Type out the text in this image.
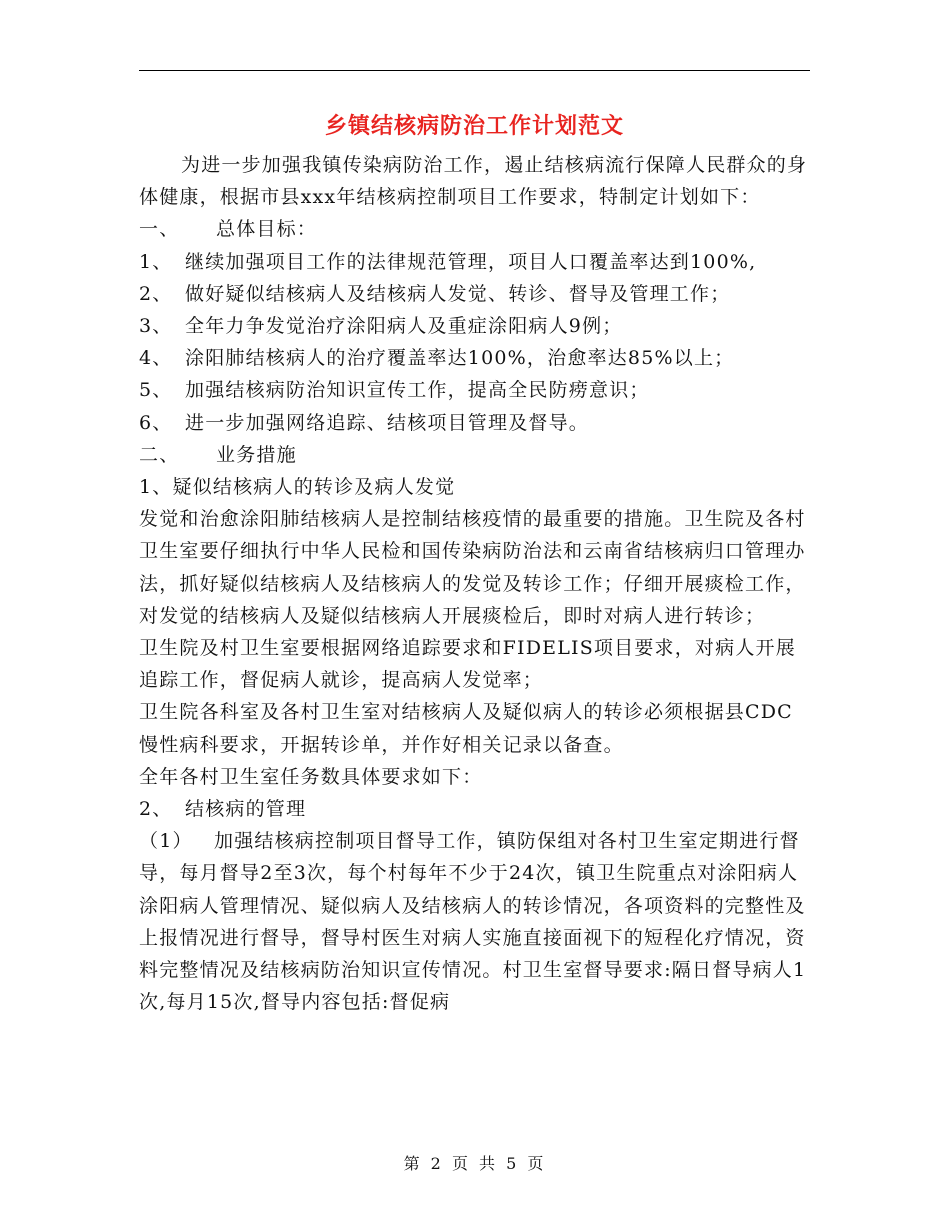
乡镇结核病防治工作计划范文

为进一步加强我镇传染病防治工作，遏止结核病流行保障人民群众的身体健康，根据市县xxx年结核病控制项目工作要求，特制定计划如下：

一、 总体目标：

1、 继续加强项目工作的法律规范管理，项目人口覆盖率达到100%,

2、 做好疑似结核病人及结核病人发觉、转诊、督导及管理工作；

3、 全年力争发觉治疗涂阳病人及重症涂阳病人9例；

4、 涂阳肺结核病人的治疗覆盖率达100%，治愈率达85%以上；

5、 加强结核病防治知识宣传工作，提高全民防痨意识；

6、 进一步加强网络追踪、结核项目管理及督导。

二、 业务措施

1、疑似结核病人的转诊及病人发觉

发觉和治愈涂阳肺结核病人是控制结核疫情的最重要的措施。卫生院及各村卫生室要仔细执行中华人民检和国传染病防治法和云南省结核病归口管理办法，抓好疑似结核病人及结核病人的发觉及转诊工作；仔细开展痰检工作，对发觉的结核病人及疑似结核病人开展痰检后，即时对病人进行转诊；

卫生院及村卫生室要根据网络追踪要求和FIDELIS项目要求，对病人开展追踪工作，督促病人就诊，提高病人发觉率；

卫生院各科室及各村卫生室对结核病人及疑似病人的转诊必须根据县CDC慢性病科要求，开据转诊单，并作好相关记录以备查。

全年各村卫生室任务数具体要求如下：

2、 结核病的管理

（1） 加强结核病控制项目督导工作，镇防保组对各村卫生室定期进行督导，每月督导2至3次，每个村每年不少于24次，镇卫生院重点对涂阳病人涂阳病人管理情况、疑似病人及结核病人的转诊情况，各项资料的完整性及上报情况进行督导，督导村医生对病人实施直接面视下的短程化疗情况，资料完整情况及结核病防治知识宣传情况。村卫生室督导要求:隔日督导病人1次,每月15次,督导内容包括:督促病

第 2 页 共 5 页
